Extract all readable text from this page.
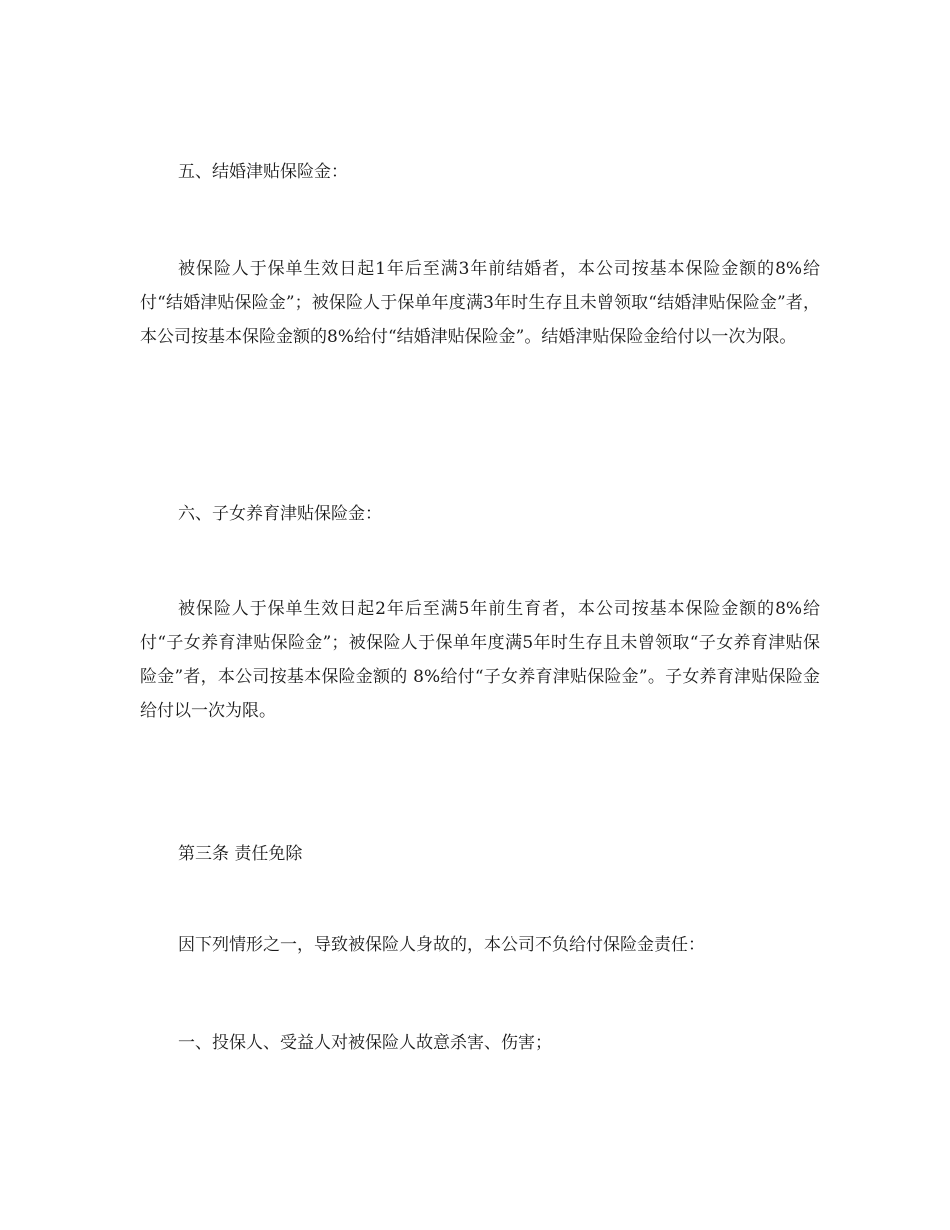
五、结婚津贴保险金：

被保险人于保单生效日起1年后至满3年前结婚者，本公司按基本保险金额的8%给付“结婚津贴保险金”；被保险人于保单年度满3年时生存且未曾领取“结婚津贴保险金”者，本公司按基本保险金额的8%给付“结婚津贴保险金”。结婚津贴保险金给付以一次为限。

六、子女养育津贴保险金：

被保险人于保单生效日起2年后至满5年前生育者，本公司按基本保险金额的8%给付“子女养育津贴保险金”；被保险人于保单年度满5年时生存且未曾领取“子女养育津贴保险金”者，本公司按基本保险金额的 8%给付“子女养育津贴保险金”。子女养育津贴保险金给付以一次为限。

第三条 责任免除

因下列情形之一，导致被保险人身故的，本公司不负给付保险金责任：

一、投保人、受益人对被保险人故意杀害、伤害；
